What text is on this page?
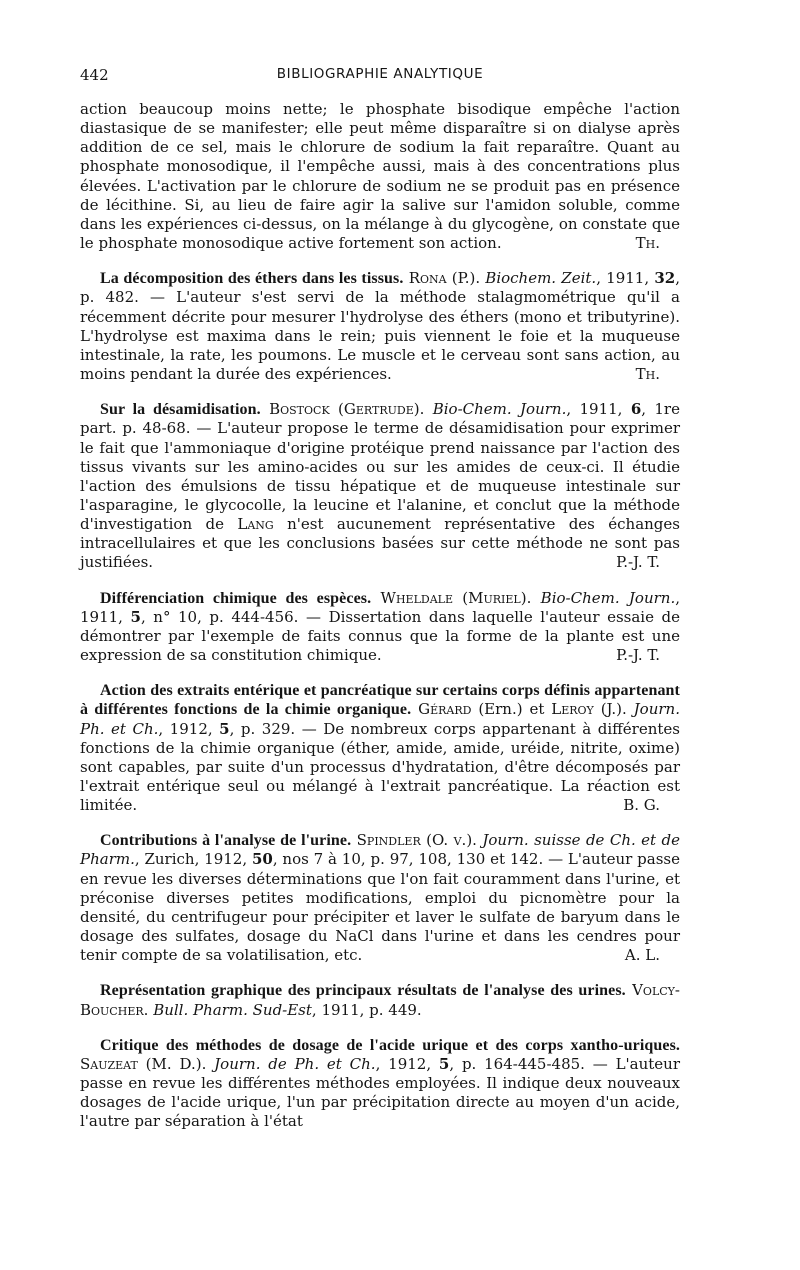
442	BIBLIOGRAPHIE ANALYTIQUE

action beaucoup moins nette; le phosphate bisodique empêche l'action diastasique de se manifester; elle peut même disparaître si on dialyse après addition de ce sel, mais le chlorure de sodium la fait reparaître. Quant au phosphate monosodique, il l'empêche aussi, mais à des concentrations plus élevées. L'activation par le chlorure de sodium ne se produit pas en présence de lécithine. Si, au lieu de faire agir la salive sur l'amidon soluble, comme dans les expériences ci-dessus, on la mélange à du glycogène, on constate que le phosphate monosodique active fortement son action.	Th.

La décomposition des éthers dans les tissus. Rona (P.). Biochem. Zeit., 1911, 32, p. 482. — L'auteur s'est servi de la méthode stalagmométrique qu'il a récemment décrite pour mesurer l'hydrolyse des éthers (mono et tributyrine). L'hydrolyse est maxima dans le rein; puis viennent le foie et la muqueuse intestinale, la rate, les poumons. Le muscle et le cerveau sont sans action, au moins pendant la durée des expériences.	Th.

Sur la désamidisation. Bostock (Gertrude). Bio-Chem. Journ., 1911, 6, 1re part. p. 48-68. — L'auteur propose le terme de désamidisation pour exprimer le fait que l'ammoniaque d'origine protéique prend naissance par l'action des tissus vivants sur les amino-acides ou sur les amides de ceux-ci. Il étudie l'action des émulsions de tissu hépatique et de muqueuse intestinale sur l'asparagine, le glycocolle, la leucine et l'alanine, et conclut que la méthode d'investigation de Lang n'est aucunement représentative des échanges intracellulaires et que les conclusions basées sur cette méthode ne sont pas justifiées.	P.-J. T.

Différenciation chimique des espèces. Wheldale (Muriel). Bio-Chem. Journ., 1911, 5, n° 10, p. 444-456. — Dissertation dans laquelle l'auteur essaie de démontrer par l'exemple de faits connus que la forme de la plante est une expression de sa constitution chimique.	P.-J. T.

Action des extraits entérique et pancréatique sur certains corps définis appartenant à différentes fonctions de la chimie organique. Gérard (Ern.) et Leroy (J.). Journ. Ph. et Ch., 1912, 5, p. 329. — De nombreux corps appartenant à différentes fonctions de la chimie organique (éther, amide, amide, uréide, nitrite, oxime) sont capables, par suite d'un processus d'hydratation, d'être décomposés par l'extrait entérique seul ou mélangé à l'extrait pancréatique. La réaction est limitée.	B. G.

Contributions à l'analyse de l'urine. Spindler (O. v.). Journ. suisse de Ch. et de Pharm., Zurich, 1912, 50, nos 7 à 10, p. 97, 108, 130 et 142. — L'auteur passe en revue les diverses déterminations que l'on fait couramment dans l'urine, et préconise diverses petites modifications, emploi du picnomètre pour la densité, du centrifugeur pour précipiter et laver le sulfate de baryum dans le dosage des sulfates, dosage du NaCl dans l'urine et dans les cendres pour tenir compte de sa volatilisation, etc.	A. L.

Représentation graphique des principaux résultats de l'analyse des urines. Volcy-Boucher. Bull. Pharm. Sud-Est, 1911, p. 449.

Critique des méthodes de dosage de l'acide urique et des corps xantho-uriques. Sauzeat (M. D.). Journ. de Ph. et Ch., 1912, 5, p. 164-445-485. — L'auteur passe en revue les différentes méthodes employées. Il indique deux nouveaux dosages de l'acide urique, l'un par précipitation directe au moyen d'un acide, l'autre par séparation à l'état
